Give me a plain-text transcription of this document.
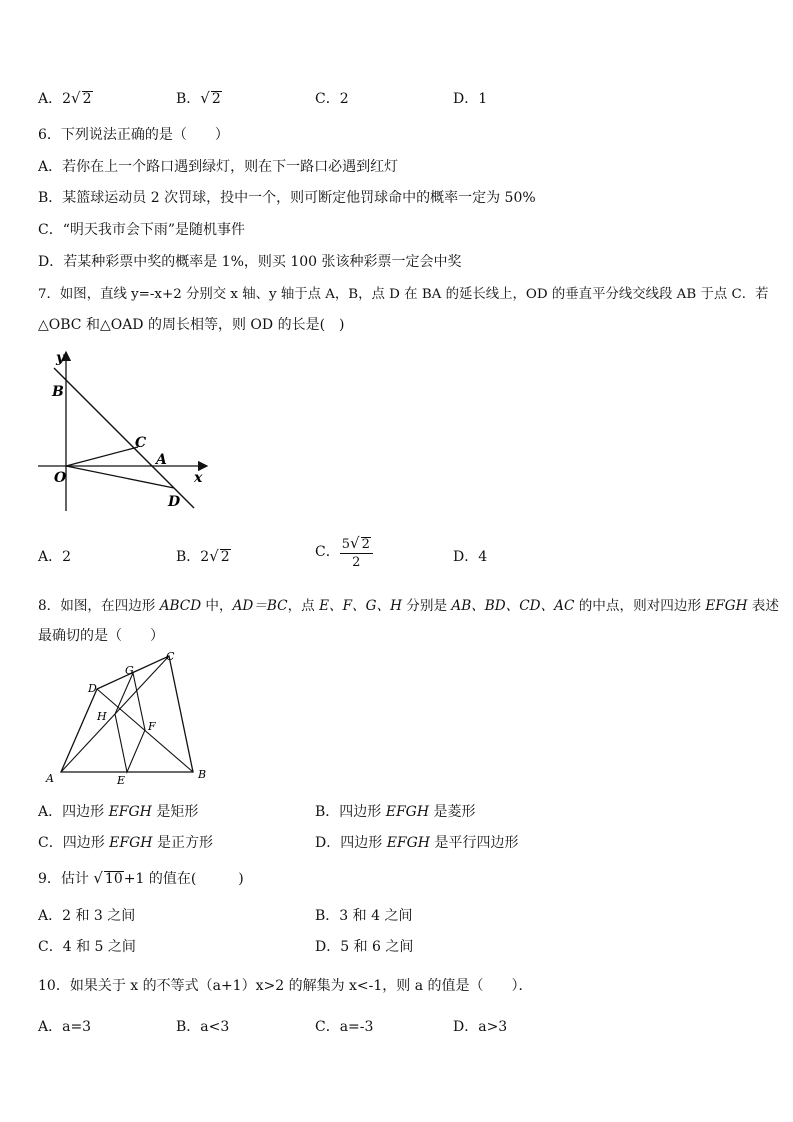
A．2√ 2	B．√ 2	C．2	D．1
6．下列说法正确的是（　　）
A．若你在上一个路口遇到绿灯，则在下一路口必遇到红灯
B．某篮球运动员 2 次罚球，投中一个，则可断定他罚球命中的概率一定为 50%
C．“明天我市会下雨”是随机事件
D．若某种彩票中奖的概率是 1%，则买 100 张该种彩票一定会中奖
7．如图，直线 y=-x+2 分别交 x 轴、y 轴于点 A，B，点 D 在 BA 的延长线上，OD 的垂直平分线交线段 AB 于点 C．若
△OBC 和△OAD 的周长相等，则 OD 的长是(　)
y
B
C
A
O	x
D
A．2	B．2√ 2	C． $\frac{5√ 2}{2}$	D．4
8．如图，在四边形 ABCD 中，AD＝BC，点 E、F、G、H 分别是 AB、BD、CD、AC 的中点，则对四边形 EFGH 表述
最确切的是（　　）
A	B
C
D
E
F
G
H
A．四边形 EFGH 是矩形	B．四边形 EFGH 是菱形
C．四边形 EFGH 是正方形	D．四边形 EFGH 是平行四边形
9．估计 √ 10+1 的值在(　　　)
A．2 和 3 之间	B．3 和 4 之间
C．4 和 5 之间	D．5 和 6 之间
10．如果关于 x 的不等式（a+1）x>2 的解集为 x<-1，则 a 的值是（　　）．
A．a=3	B．a<3	C．a=-3	D．a>3
